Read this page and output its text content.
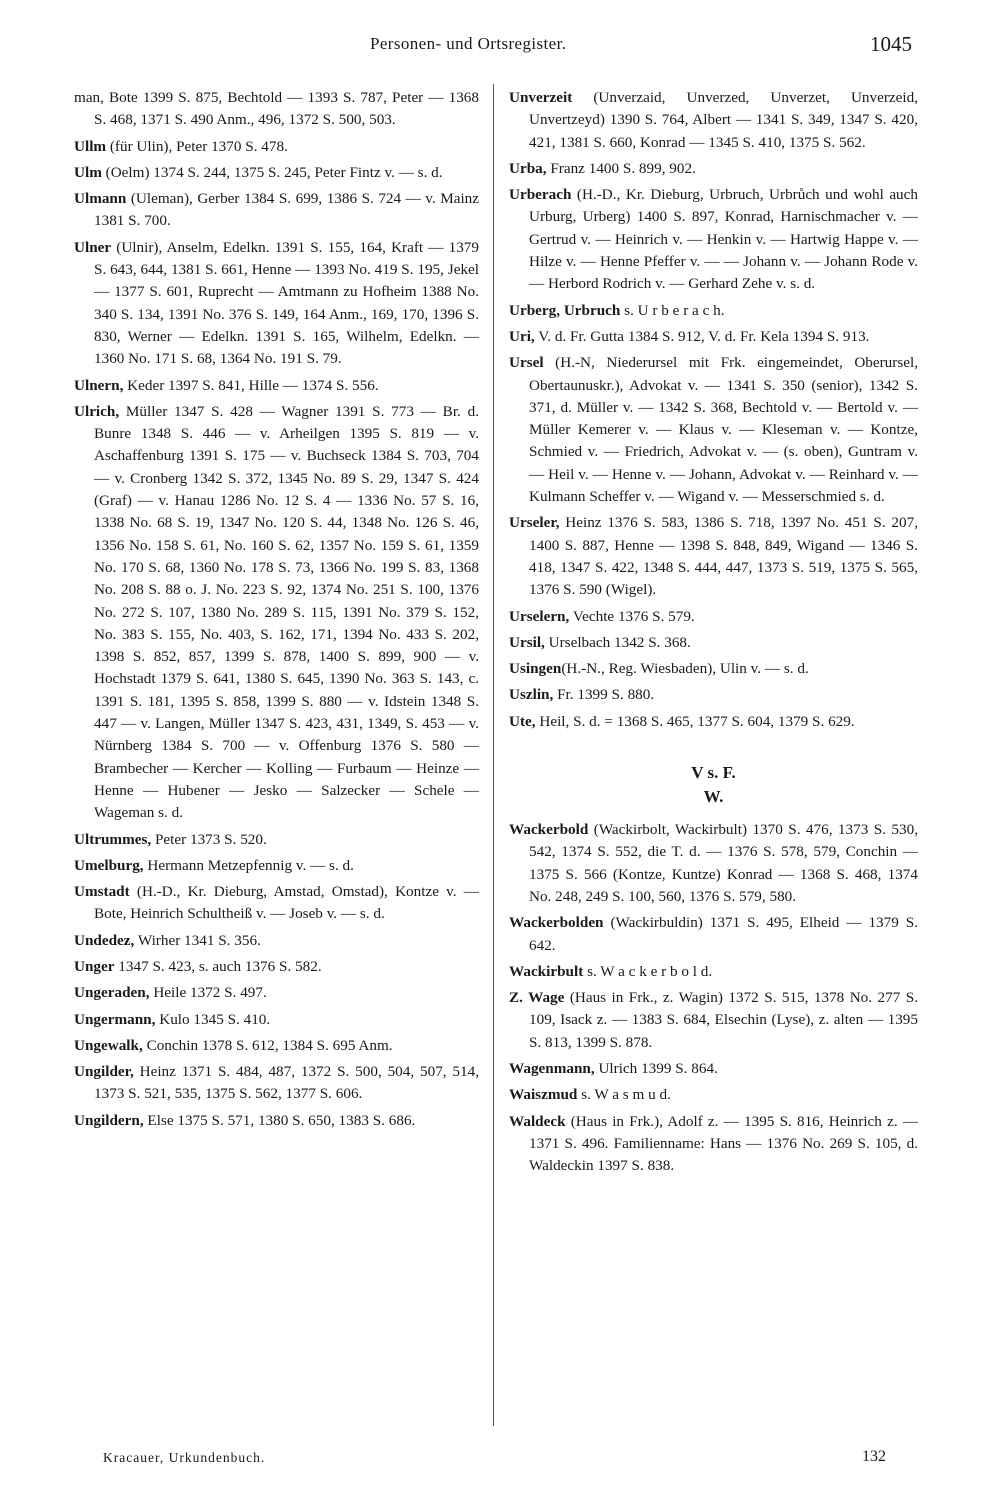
Personen- und Ortsregister.	1045

man, Bote 1399 S. 875, Bechtold — 1393 S. 787, Peter — 1368 S. 468, 1371 S. 490 Anm., 496, 1372 S. 500, 503.

Ullm (für Ulin), Peter 1370 S. 478.

Ulm (Oelm) 1374 S. 244, 1375 S. 245, Peter Fintz v. — s. d.

Ulmann (Uleman), Gerber 1384 S. 699, 1386 S. 724 — v. Mainz 1381 S. 700.

Ulner (Ulnir), Anselm, Edelkn. 1391 S. 155, 164, Kraft — 1379 S. 643, 644, 1381 S. 661, Henne — 1393 No. 419 S. 195, Jekel — 1377 S. 601, Ruprecht — Amtmann zu Hofheim 1388 No. 340 S. 134, 1391 No. 376 S. 149, 164 Anm., 169, 170, 1396 S. 830, Werner — Edelkn. 1391 S. 165, Wilhelm, Edelkn. — 1360 No. 171 S. 68, 1364 No. 191 S. 79.

Ulnern, Keder 1397 S. 841, Hille — 1374 S. 556.

Ulrich, Müller 1347 S. 428 — Wagner 1391 S. 773 — Br. d. Bunre 1348 S. 446 — v. Arheilgen 1395 S. 819 — v. Aschaffenburg 1391 S. 175 — v. Buchseck 1384 S. 703, 704 — v. Cronberg 1342 S. 372, 1345 No. 89 S. 29, 1347 S. 424 (Graf) — v. Hanau 1286 No. 12 S. 4 — 1336 No. 57 S. 16, 1338 No. 68 S. 19, 1347 No. 120 S. 44, 1348 No. 126 S. 46, 1356 No. 158 S. 61, No. 160 S. 62, 1357 No. 159 S. 61, 1359 No. 170 S. 68, 1360 No. 178 S. 73, 1366 No. 199 S. 83, 1368 No. 208 S. 88 o. J. No. 223 S. 92, 1374 No. 251 S. 100, 1376 No. 272 S. 107, 1380 No. 289 S. 115, 1391 No. 379 S. 152, No. 383 S. 155, No. 403, S. 162, 171, 1394 No. 433 S. 202, 1398 S. 852, 857, 1399 S. 878, 1400 S. 899, 900 — v. Hochstadt 1379 S. 641, 1380 S. 645, 1390 No. 363 S. 143, c. 1391 S. 181, 1395 S. 858, 1399 S. 880 — v. Idstein 1348 S. 447 — v. Langen, Müller 1347 S. 423, 431, 1349, S. 453 — v. Nürnberg 1384 S. 700 — v. Offenburg 1376 S. 580 — Brambecher — Kercher — Kolling — Furbaum — Heinze — Henne — Hubener — Jesko — Salzecker — Schele — Wageman s. d.

Ultrummes, Peter 1373 S. 520.

Umelburg, Hermann Metzepfennig v. — s. d.

Umstadt (H.-D., Kr. Dieburg, Amstad, Omstad), Kontze v. — Bote, Heinrich Schultheiß v. — Joseb v. — s. d.

Undedez, Wirher 1341 S. 356.

Unger 1347 S. 423, s. auch 1376 S. 582.

Ungeraden, Heile 1372 S. 497.

Ungermann, Kulo 1345 S. 410.

Ungewalk, Conchin 1378 S. 612, 1384 S. 695 Anm.

Ungilder, Heinz 1371 S. 484, 487, 1372 S. 500, 504, 507, 514, 1373 S. 521, 535, 1375 S. 562, 1377 S. 606.

Ungildern, Else 1375 S. 571, 1380 S. 650, 1383 S. 686.

Unverzeit (Unverzaid, Unverzed, Unverzet, Unverzeid, Unvertzeyd) 1390 S. 764, Albert — 1341 S. 349, 1347 S. 420, 421, 1381 S. 660, Konrad — 1345 S. 410, 1375 S. 562.

Urba, Franz 1400 S. 899, 902.

Urberach (H.-D., Kr. Dieburg, Urbruch, Urbrůch und wohl auch Urburg, Urberg) 1400 S. 897, Konrad, Harnischmacher v. — Gertrud v. — Heinrich v. — Henkin v. — Hartwig Happe v. — Hilze v. — Henne Pfeffer v. — — Johann v. — Johann Rode v. — Herbord Rodrich v. — Gerhard Zehe v. s. d.

Urberg, Urbruch s. U r b e r a c h.

Uri, V. d. Fr. Gutta 1384 S. 912, V. d. Fr. Kela 1394 S. 913.

Ursel (H.-N, Niederursel mit Frk. eingemeindet, Oberursel, Obertaunuskr.), Advokat v. — 1341 S. 350 (senior), 1342 S. 371, d. Müller v. — 1342 S. 368, Bechtold v. — Bertold v. — Müller Kemerer v. — Klaus v. — Kleseman v. — Kontze, Schmied v. — Friedrich, Advokat v. — (s. oben), Guntram v. — Heil v. — Henne v. — Johann, Advokat v. — Reinhard v. — Kulmann Scheffer v. — Wigand v. — Messerschmied s. d.

Urseler, Heinz 1376 S. 583, 1386 S. 718, 1397 No. 451 S. 207, 1400 S. 887, Henne — 1398 S. 848, 849, Wigand — 1346 S. 418, 1347 S. 422, 1348 S. 444, 447, 1373 S. 519, 1375 S. 565, 1376 S. 590 (Wigel).

Urselern, Vechte 1376 S. 579.

Ursil, Urselbach 1342 S. 368.

Usingen(H.-N., Reg. Wiesbaden), Ulin v. — s. d.

Uszlin, Fr. 1399 S. 880.

Ute, Heil, S. d. = 1368 S. 465, 1377 S. 604, 1379 S. 629.

V s. F.

W.

Wackerbold (Wackirbolt, Wackirbult) 1370 S. 476, 1373 S. 530, 542, 1374 S. 552, die T. d. — 1376 S. 578, 579, Conchin — 1375 S. 566 (Kontze, Kuntze) Konrad — 1368 S. 468, 1374 No. 248, 249 S. 100, 560, 1376 S. 579, 580.

Wackerbolden (Wackirbuldin) 1371 S. 495, Elheid — 1379 S. 642.

Wackirbult s. W a c k e r b o l d.

Z. Wage (Haus in Frk., z. Wagin) 1372 S. 515, 1378 No. 277 S. 109, Isack z. — 1383 S. 684, Elsechin (Lyse), z. alten — 1395 S. 813, 1399 S. 878.

Wagenmann, Ulrich 1399 S. 864.

Waiszmud s. W a s m u d.

Waldeck (Haus in Frk.), Adolf z. — 1395 S. 816, Heinrich z. — 1371 S. 496. Familienname: Hans — 1376 No. 269 S. 105, d. Waldeckin 1397 S. 838.

Kracauer, Urkundenbuch.	132
